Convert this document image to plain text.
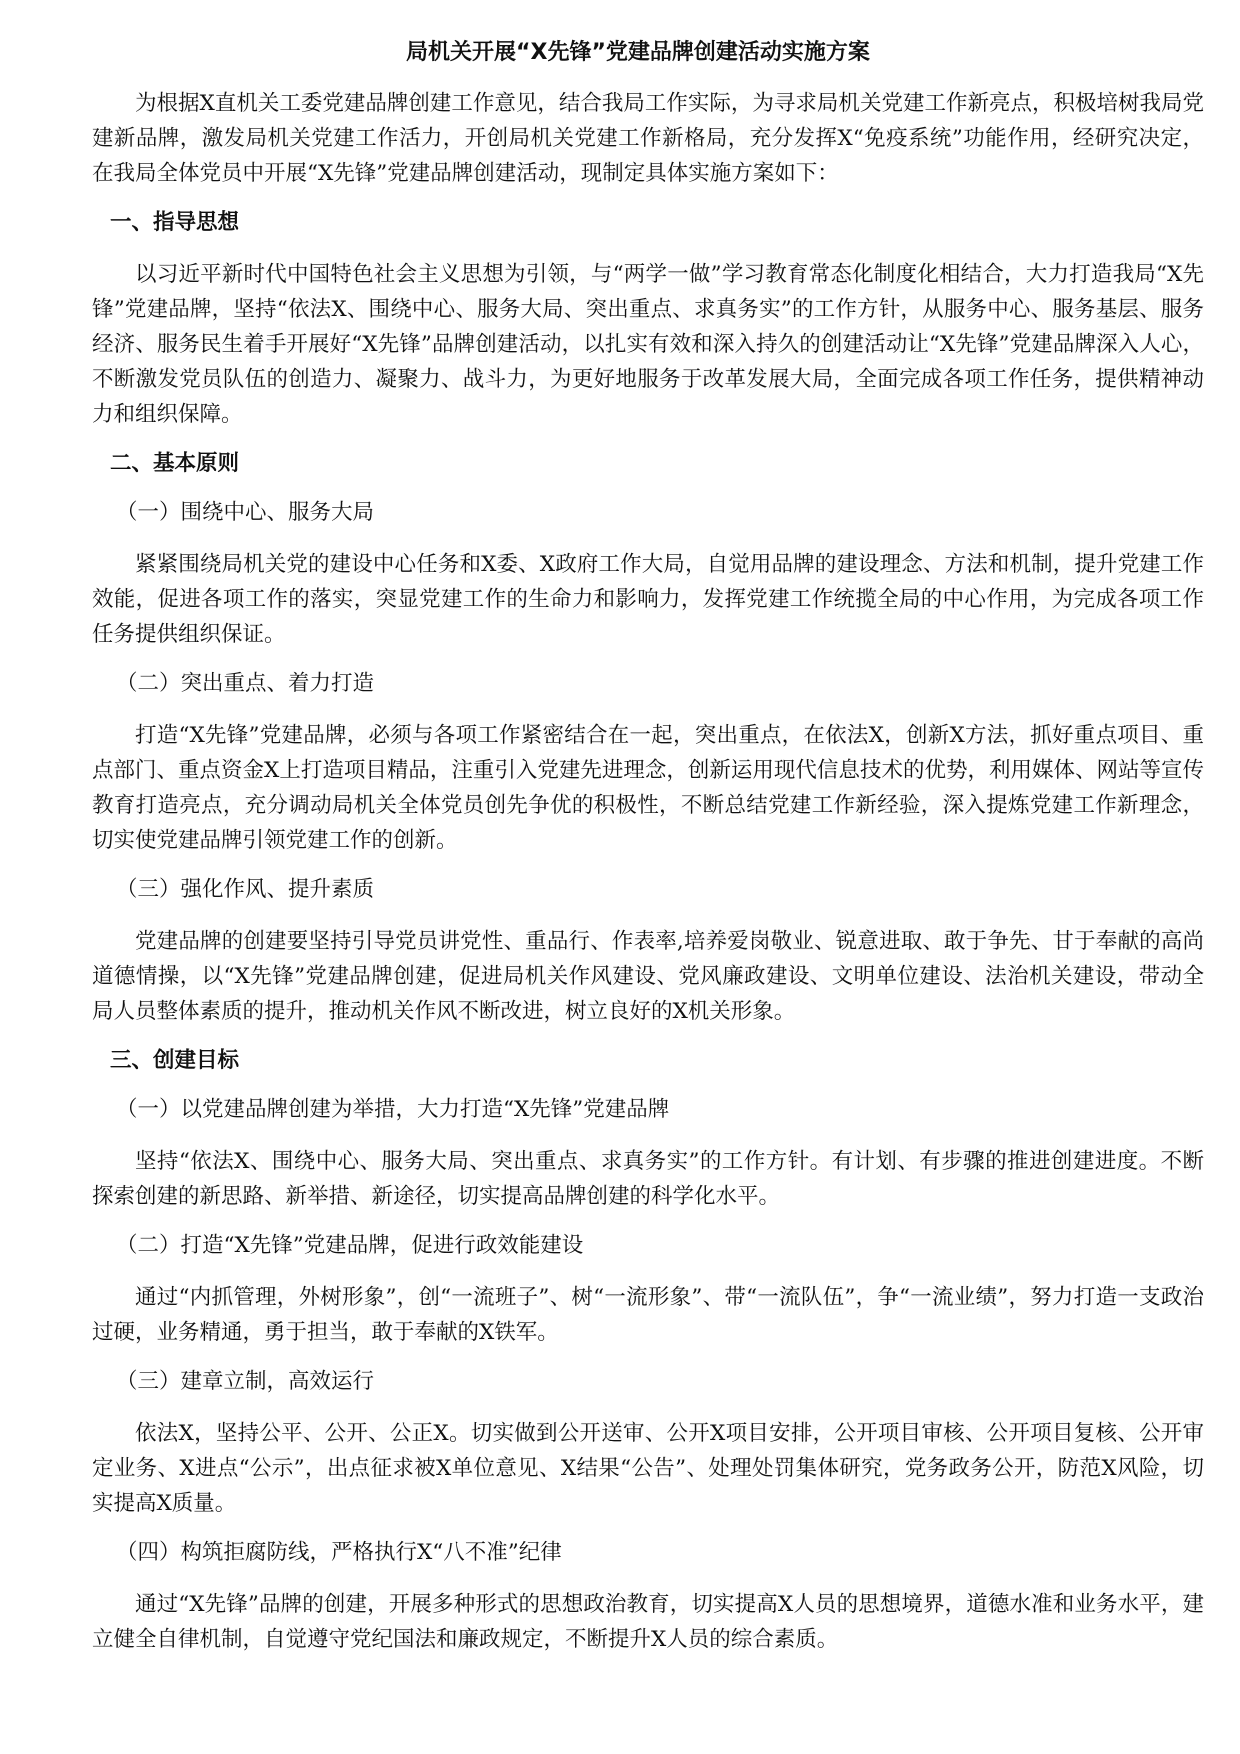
局机关开展“X先锋”党建品牌创建活动实施方案

为根据X直机关工委党建品牌创建工作意见，结合我局工作实际，为寻求局机关党建工作新亮点，积极培树我局党建新品牌，激发局机关党建工作活力，开创局机关党建工作新格局，充分发挥X“免疫系统”功能作用，经研究决定，在我局全体党员中开展“X先锋”党建品牌创建活动，现制定具体实施方案如下：

一、指导思想

以习近平新时代中国特色社会主义思想为引领，与“两学一做”学习教育常态化制度化相结合，大力打造我局“X先锋”党建品牌，坚持“依法X、围绕中心、服务大局、突出重点、求真务实”的工作方针，从服务中心、服务基层、服务经济、服务民生着手开展好“X先锋”品牌创建活动，以扎实有效和深入持久的创建活动让“X先锋”党建品牌深入人心，不断激发党员队伍的创造力、凝聚力、战斗力，为更好地服务于改革发展大局，全面完成各项工作任务，提供精神动力和组织保障。

二、基本原则
（一）围绕中心、服务大局

紧紧围绕局机关党的建设中心任务和X委、X政府工作大局，自觉用品牌的建设理念、方法和机制，提升党建工作效能，促进各项工作的落实，突显党建工作的生命力和影响力，发挥党建工作统揽全局的中心作用，为完成各项工作任务提供组织保证。

（二）突出重点、着力打造

打造“X先锋”党建品牌，必须与各项工作紧密结合在一起，突出重点，在依法X，创新X方法，抓好重点项目、重点部门、重点资金X上打造项目精品，注重引入党建先进理念，创新运用现代信息技术的优势，利用媒体、网站等宣传教育打造亮点，充分调动局机关全体党员创先争优的积极性，不断总结党建工作新经验，深入提炼党建工作新理念，切实使党建品牌引领党建工作的创新。

（三）强化作风、提升素质

党建品牌的创建要坚持引导党员讲党性、重品行、作表率,培养爱岗敬业、锐意进取、敢于争先、甘于奉献的高尚道德情操，以“X先锋”党建品牌创建，促进局机关作风建设、党风廉政建设、文明单位建设、法治机关建设，带动全局人员整体素质的提升，推动机关作风不断改进，树立良好的X机关形象。

三、创建目标
（一）以党建品牌创建为举措，大力打造“X先锋”党建品牌

坚持“依法X、围绕中心、服务大局、突出重点、求真务实”的工作方针。有计划、有步骤的推进创建进度。不断探索创建的新思路、新举措、新途径，切实提高品牌创建的科学化水平。

（二）打造“X先锋”党建品牌，促进行政效能建设

通过“内抓管理，外树形象”，创“一流班子”、树“一流形象”、带“一流队伍”，争“一流业绩”，努力打造一支政治过硬，业务精通，勇于担当，敢于奉献的X铁军。

（三）建章立制，高效运行

依法X，坚持公平、公开、公正X。切实做到公开送审、公开X项目安排，公开项目审核、公开项目复核、公开审定业务、X进点“公示”，出点征求被X单位意见、X结果“公告”、处理处罚集体研究，党务政务公开，防范X风险，切实提高X质量。

（四）构筑拒腐防线，严格执行X“八不准”纪律

通过“X先锋”品牌的创建，开展多种形式的思想政治教育，切实提高X人员的思想境界，道德水准和业务水平，建立健全自律机制，自觉遵守党纪国法和廉政规定，不断提升X人员的综合素质。
